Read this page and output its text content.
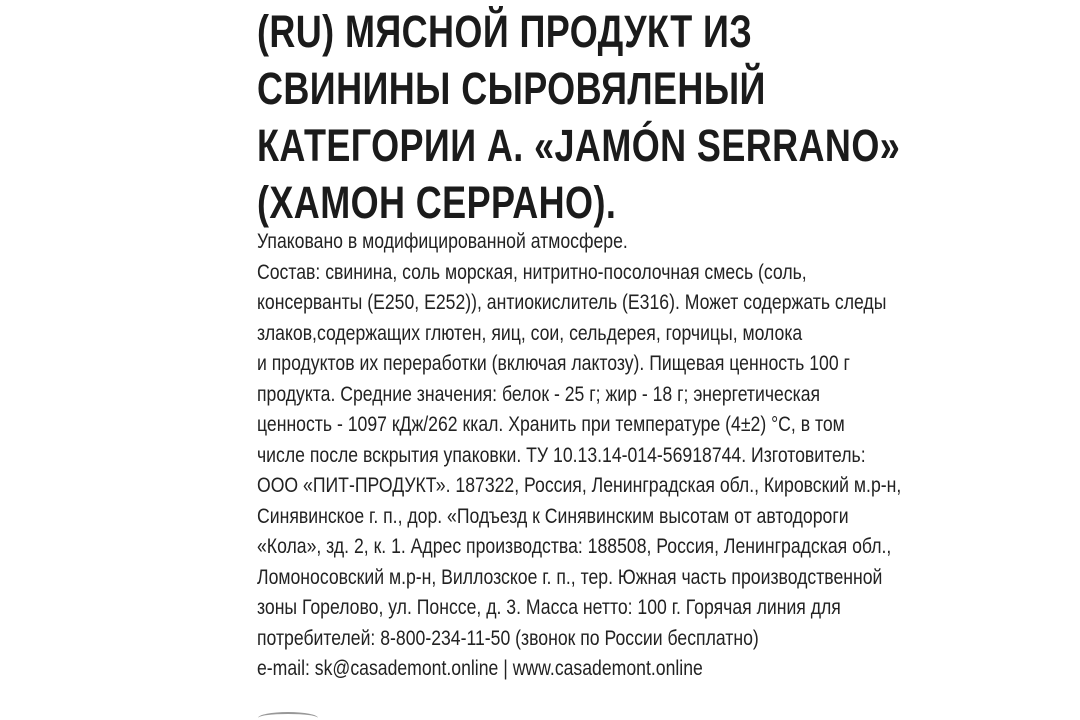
(RU) МЯСНОЙ ПРОДУКТ ИЗ
СВИНИНЫ СЫРОВЯЛЕНЫЙ
КАТЕГОРИИ А. «JAMÓN SERRANO»
(ХАМОН СЕРРАНО).
Упаковано в модифицированной атмосфере.
Состав: свинина, соль морская, нитритно-посолочная смесь (соль,
консерванты (Е250, Е252)), антиокислитель (Е316). Может содержать следы
злаков,содержащих глютен, яиц, сои, сельдерея, горчицы, молока
и продуктов их переработки (включая лактозу). Пищевая ценность 100 г
продукта. Средние значения: белок - 25 г; жир - 18 г; энергетическая
ценность - 1097 кДж/262 ккал. Хранить при температуре (4±2) °С, в том
числе после вскрытия упаковки. ТУ 10.13.14-014-56918744. Изготовитель:
ООО «ПИТ-ПРОДУКТ». 187322, Россия, Ленинградская обл., Кировский м.р-н,
Синявинское г. п., дор. «Подъезд к Синявинским высотам от автодороги
«Кола», зд. 2, к. 1. Адрес производства: 188508, Россия, Ленинградская обл.,
Ломоносовский м.р-н, Виллозское г. п., тер. Южная часть производственной
зоны Горелово, ул. Понссе, д. 3. Масса нетто: 100 г. Горячая линия для
потребителей: 8-800-234-11-50 (звонок по России бесплатно)
e-mail: sk@casademont.online | www.casademont.online
